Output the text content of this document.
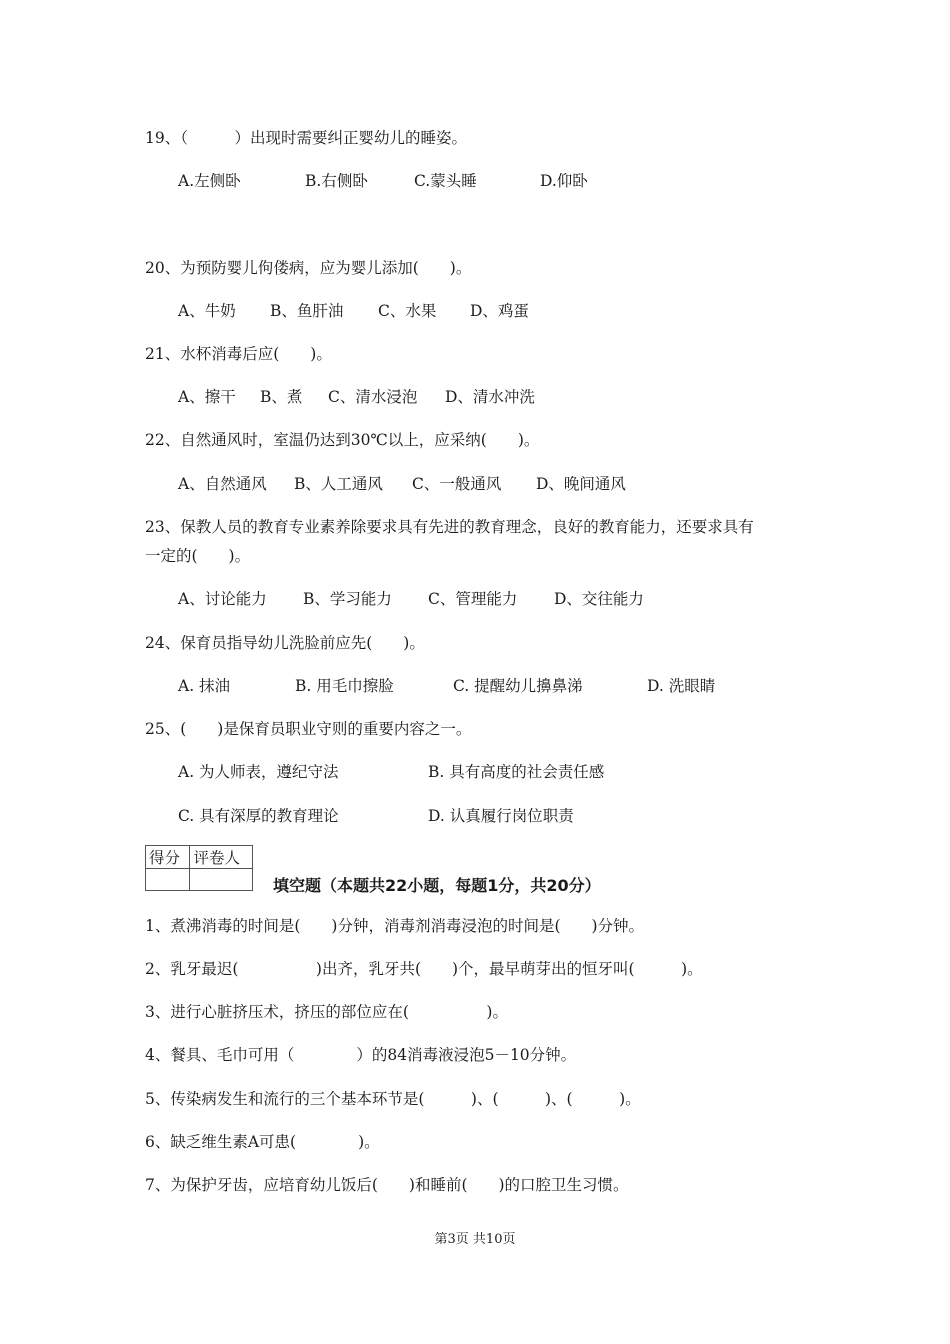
19、（　　　）出现时需要纠正婴幼儿的睡姿。
A.左侧卧	B.右侧卧	C.蒙头睡	D.仰卧
20、为预防婴儿佝偻病，应为婴儿添加(　　)。
A、牛奶 B、鱼肝油 C、水果 D、鸡蛋
21、水杯消毒后应(　　)。
A、擦干 B、煮 C、清水浸泡 D、清水冲洗
22、自然通风时，室温仍达到30℃以上，应采纳(　　)。
A、自然通风 B、人工通风 C、一般通风 D、晚间通风
23、保教人员的教育专业素养除要求具有先进的教育理念，良好的教育能力，还要求具有
一定的(　　)。
A、讨论能力 B、学习能力 C、管理能力 D、交往能力
24、保育员指导幼儿洗脸前应先(　　)。
A. 抹油	B. 用毛巾擦脸	C. 提醒幼儿擤鼻涕	D. 洗眼睛
25、(　　)是保育员职业守则的重要内容之一。
A. 为人师表，遵纪守法	B. 具有高度的社会责任感
C. 具有深厚的教育理论	D. 认真履行岗位职责
得分	评卷人

填空题（本题共22小题，每题1分，共20分）
1、煮沸消毒的时间是(　　)分钟，消毒剂消毒浸泡的时间是(　　)分钟。
2、乳牙最迟(　　　　　)出齐，乳牙共(　　)个，最早萌芽出的恒牙叫(　　　)。
3、进行心脏挤压术，挤压的部位应在(　　　　　)。
4、餐具、毛巾可用（　　　　）的84消毒液浸泡5－10分钟。
5、传染病发生和流行的三个基本环节是(　　　)、(　　　)、(　　　)。
6、缺乏维生素A可患(　　　　)。
7、为保护牙齿，应培育幼儿饭后(　　)和睡前(　　)的口腔卫生习惯。
第3页 共10页
